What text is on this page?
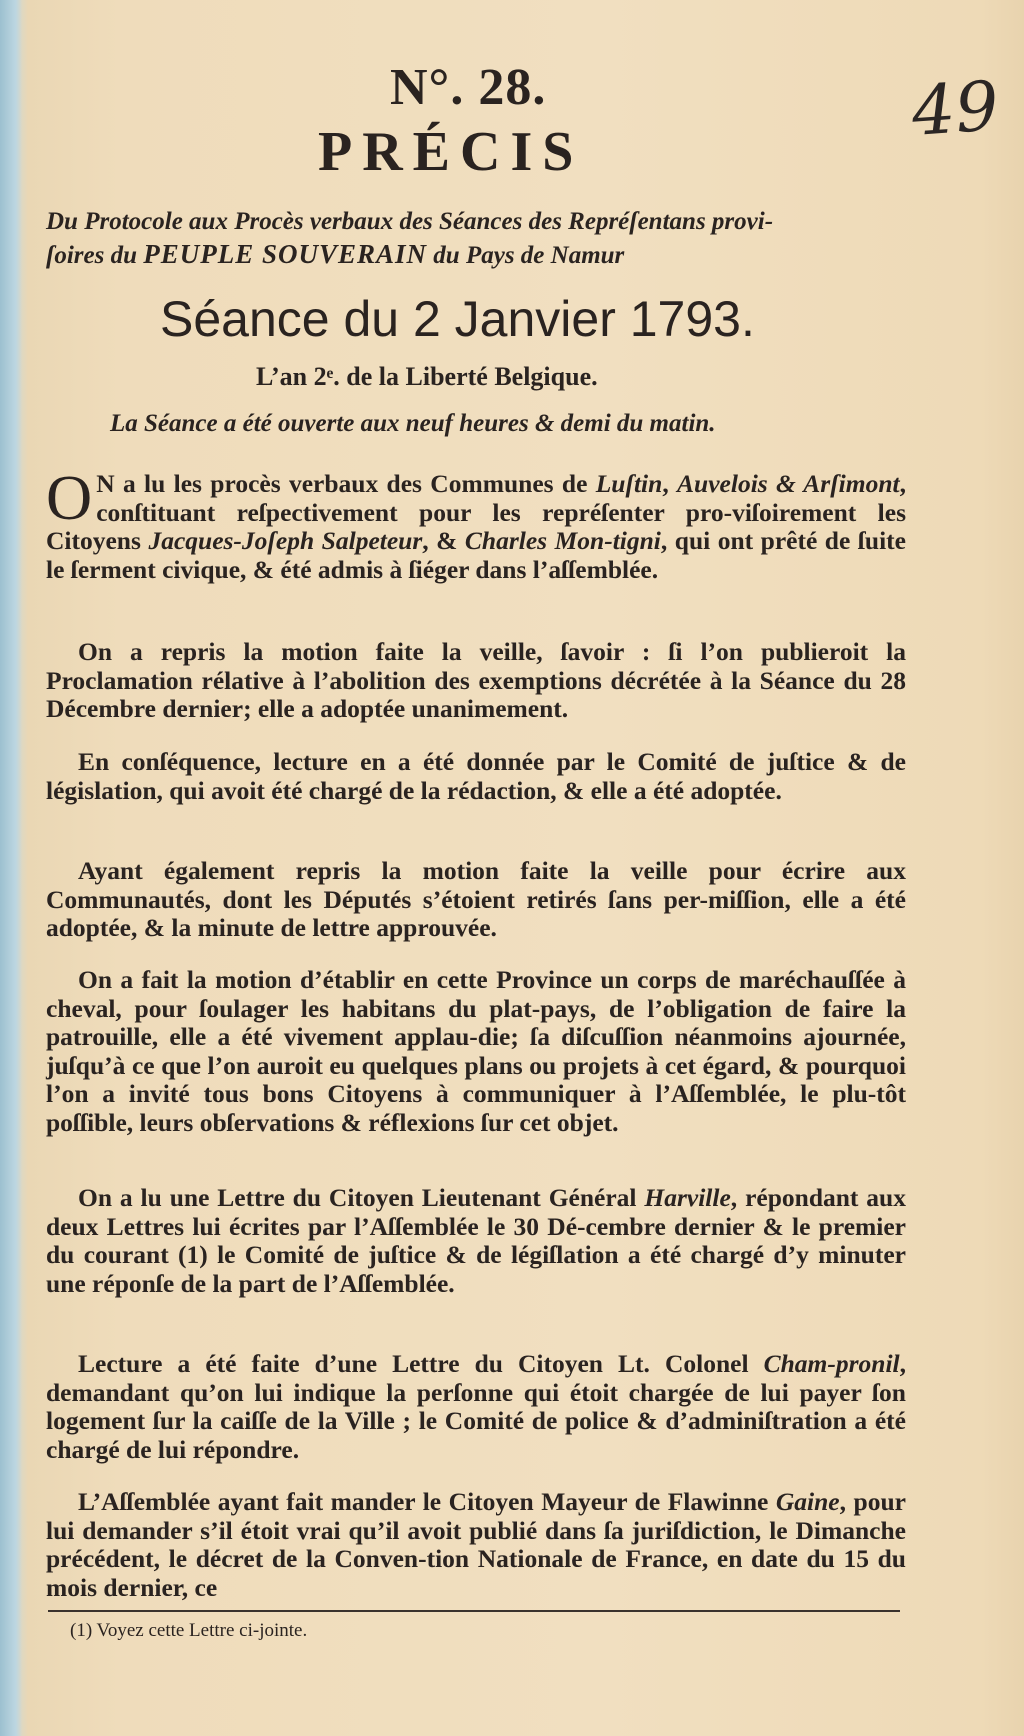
N°. 28.	49
PRÉCIS
Du Protocole aux Procès verbaux des Séances des Repréſentans provi-
ſoires du PEUPLE SOUVERAIN du Pays de Namur
Séance du 2 Janvier 1793.
L’an 2ᵉ. de la Liberté Belgique.
La Séance a été ouverte aux neuf heures & demi du matin.
O N a lu les procès verbaux des Communes de Luſtin, Auvelois & Arſimont, conſtituant reſpectivement pour les repréſenter pro-viſoirement les Citoyens Jacques-Joſeph Salpeteur, & Charles Mon-tigni, qui ont prêté de ſuite le ſerment civique, & été admis à ſiéger dans l’aſſemblée.
On a repris la motion faite la veille, ſavoir : ſi l’on publieroit la Proclamation rélative à l’abolition des exemptions décrétée à la Séance du 28 Décembre dernier; elle a adoptée unanimement.
En conſéquence, lecture en a été donnée par le Comité de juſtice & de législation, qui avoit été chargé de la rédaction, & elle a été adoptée.
Ayant également repris la motion faite la veille pour écrire aux Communautés, dont les Députés s’étoient retirés ſans per-miſſion, elle a été adoptée, & la minute de lettre approuvée.
On a fait la motion d’établir en cette Province un corps de maréchauſſée à cheval, pour ſoulager les habitans du plat-pays, de l’obligation de faire la patrouille, elle a été vivement applau-die; ſa diſcuſſion néanmoins ajournée, juſqu’à ce que l’on auroit eu quelques plans ou projets à cet égard, & pourquoi l’on a invité tous bons Citoyens à communiquer à l’Aſſemblée, le plu-tôt poſſible, leurs obſervations & réflexions ſur cet objet.
On a lu une Lettre du Citoyen Lieutenant Général Harville, répondant aux deux Lettres lui écrites par l’Aſſemblée le 30 Dé-cembre dernier & le premier du courant (1) le Comité de juſtice & de légiſlation a été chargé d’y minuter une réponſe de la part de l’Aſſemblée.
Lecture a été faite d’une Lettre du Citoyen Lt. Colonel Cham-pronil, demandant qu’on lui indique la perſonne qui étoit chargée de lui payer ſon logement ſur la caiſſe de la Ville ; le Comité de police & d’adminiſtration a été chargé de lui répondre.
L’Aſſemblée ayant fait mander le Citoyen Mayeur de Flawinne Gaine, pour lui demander s’il étoit vrai qu’il avoit publié dans ſa juriſdiction, le Dimanche précédent, le décret de la Conven-tion Nationale de France, en date du 15 du mois dernier, ce
(1) Voyez cette Lettre ci-jointe.
